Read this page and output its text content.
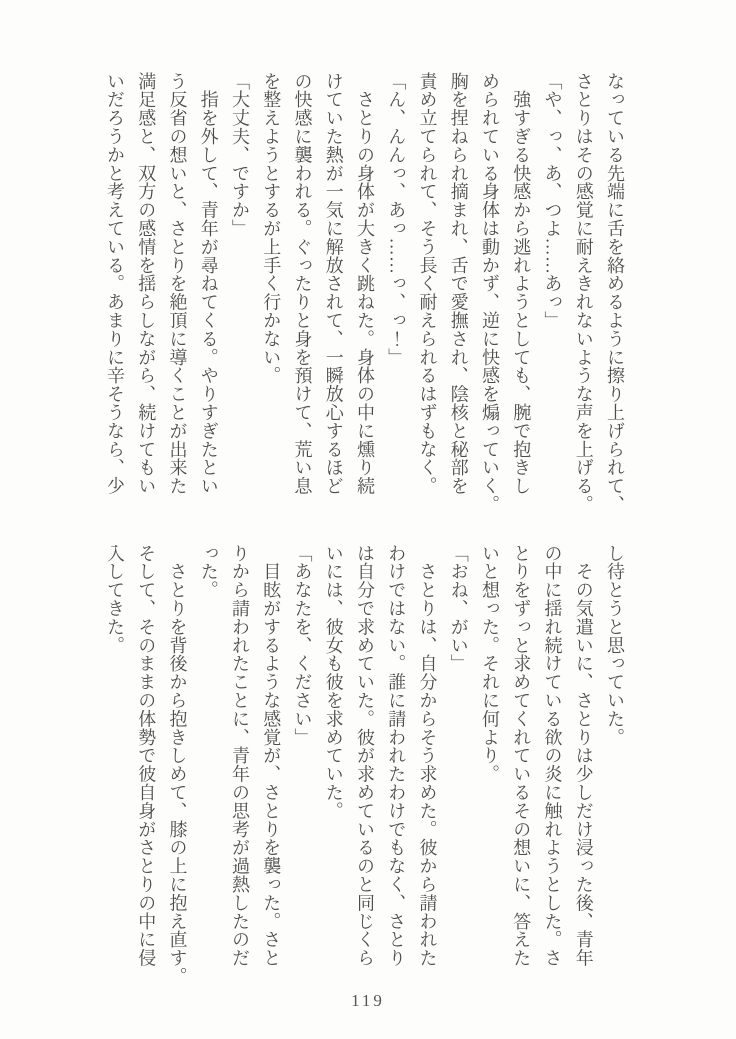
なっている先端に舌を絡めるように擦り上げられて、
さとりはその感覚に耐えきれないような声を上げる。
「や、っ、あ、つよ……あっ」
　強すぎる快感から逃れようとしても、腕で抱きし
められている身体は動かず、逆に快感を煽っていく。
胸を捏ねられ摘まれ、舌で愛撫され、陰核と秘部を
責め立てられて、そう長く耐えられるはずもなく。
「ん、んんっ、あっ……っ、っ！」
　さとりの身体が大きく跳ねた。身体の中に燻り続
けていた熱が一気に解放されて、一瞬放心するほど
の快感に襲われる。ぐったりと身を預けて、荒い息
を整えようとするが上手く行かない。
「大丈夫、ですか」
　指を外して、青年が尋ねてくる。やりすぎたとい
う反省の想いと、さとりを絶頂に導くことが出来た
満足感と、双方の感情を揺らしながら、続けてもい
いだろうかと考えている。あまりに辛そうなら、少
し待とうと思っていた。
　その気遣いに、さとりは少しだけ浸った後、青年
の中に揺れ続けている欲の炎に触れようとした。さ
とりをずっと求めてくれているその想いに、答えた
いと想った。それに何より。
「おね、がい」
　さとりは、自分からそう求めた。彼から請われた
わけではない。誰に請われたわけでもなく、さとり
は自分で求めていた。彼が求めているのと同じくら
いには、彼女も彼を求めていた。
「あなたを、ください」
　目眩がするような感覚が、さとりを襲った。さと
りから請われたことに、青年の思考が過熱したのだ
った。
　さとりを背後から抱きしめて、膝の上に抱え直す。
そして、そのままの体勢で彼自身がさとりの中に侵
入してきた。
119
